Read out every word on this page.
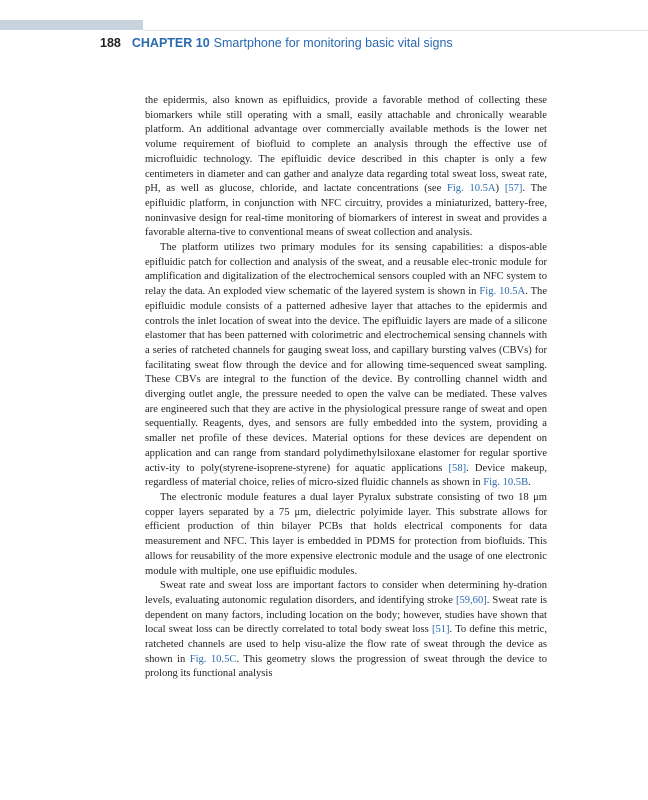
188 CHAPTER 10 Smartphone for monitoring basic vital signs

the epidermis, also known as epifluidics, provide a favorable method of collecting these biomarkers while still operating with a small, easily attachable and chronically wearable platform. An additional advantage over commercially available methods is the lower net volume requirement of biofluid to complete an analysis through the effective use of microfluidic technology. The epifluidic device described in this chapter is only a few centimeters in diameter and can gather and analyze data regarding total sweat loss, sweat rate, pH, as well as glucose, chloride, and lactate concentrations (see Fig. 10.5A) [57]. The epifluidic platform, in conjunction with NFC circuitry, provides a miniaturized, battery-free, noninvasive design for real-time monitoring of biomarkers of interest in sweat and provides a favorable alterna-tive to conventional means of sweat collection and analysis.

The platform utilizes two primary modules for its sensing capabilities: a dispos-able epifluidic patch for collection and analysis of the sweat, and a reusable elec-tronic module for amplification and digitalization of the electrochemical sensors coupled with an NFC system to relay the data. An exploded view schematic of the layered system is shown in Fig. 10.5A. The epifluidic module consists of a patterned adhesive layer that attaches to the epidermis and controls the inlet location of sweat into the device. The epifluidic layers are made of a silicone elastomer that has been patterned with colorimetric and electrochemical sensing channels with a series of ratcheted channels for gauging sweat loss, and capillary bursting valves (CBVs) for facilitating sweat flow through the device and for allowing time-sequenced sweat sampling. These CBVs are integral to the function of the device. By controlling channel width and diverging outlet angle, the pressure needed to open the valve can be mediated. These valves are engineered such that they are active in the physiological pressure range of sweat and open sequentially. Reagents, dyes, and sensors are fully embedded into the system, providing a smaller net profile of these devices. Material options for these devices are dependent on application and can range from standard polydimethylsiloxane elastomer for regular sportive activ-ity to poly(styrene-isoprene-styrene) for aquatic applications [58]. Device makeup, regardless of material choice, relies of micro-sized fluidic channels as shown in Fig. 10.5B.

The electronic module features a dual layer Pyralux substrate consisting of two 18 μm copper layers separated by a 75 μm, dielectric polyimide layer. This substrate allows for efficient production of thin bilayer PCBs that holds electrical components for data measurement and NFC. This layer is embedded in PDMS for protection from biofluids. This allows for reusability of the more expensive electronic module and the usage of one electronic module with multiple, one use epifluidic modules.

Sweat rate and sweat loss are important factors to consider when determining hy-dration levels, evaluating autonomic regulation disorders, and identifying stroke [59,60]. Sweat rate is dependent on many factors, including location on the body; however, studies have shown that local sweat loss can be directly correlated to total body sweat loss [51]. To define this metric, ratcheted channels are used to help visu-alize the flow rate of sweat through the device as shown in Fig. 10.5C. This geometry slows the progression of sweat through the device to prolong its functional analysis
